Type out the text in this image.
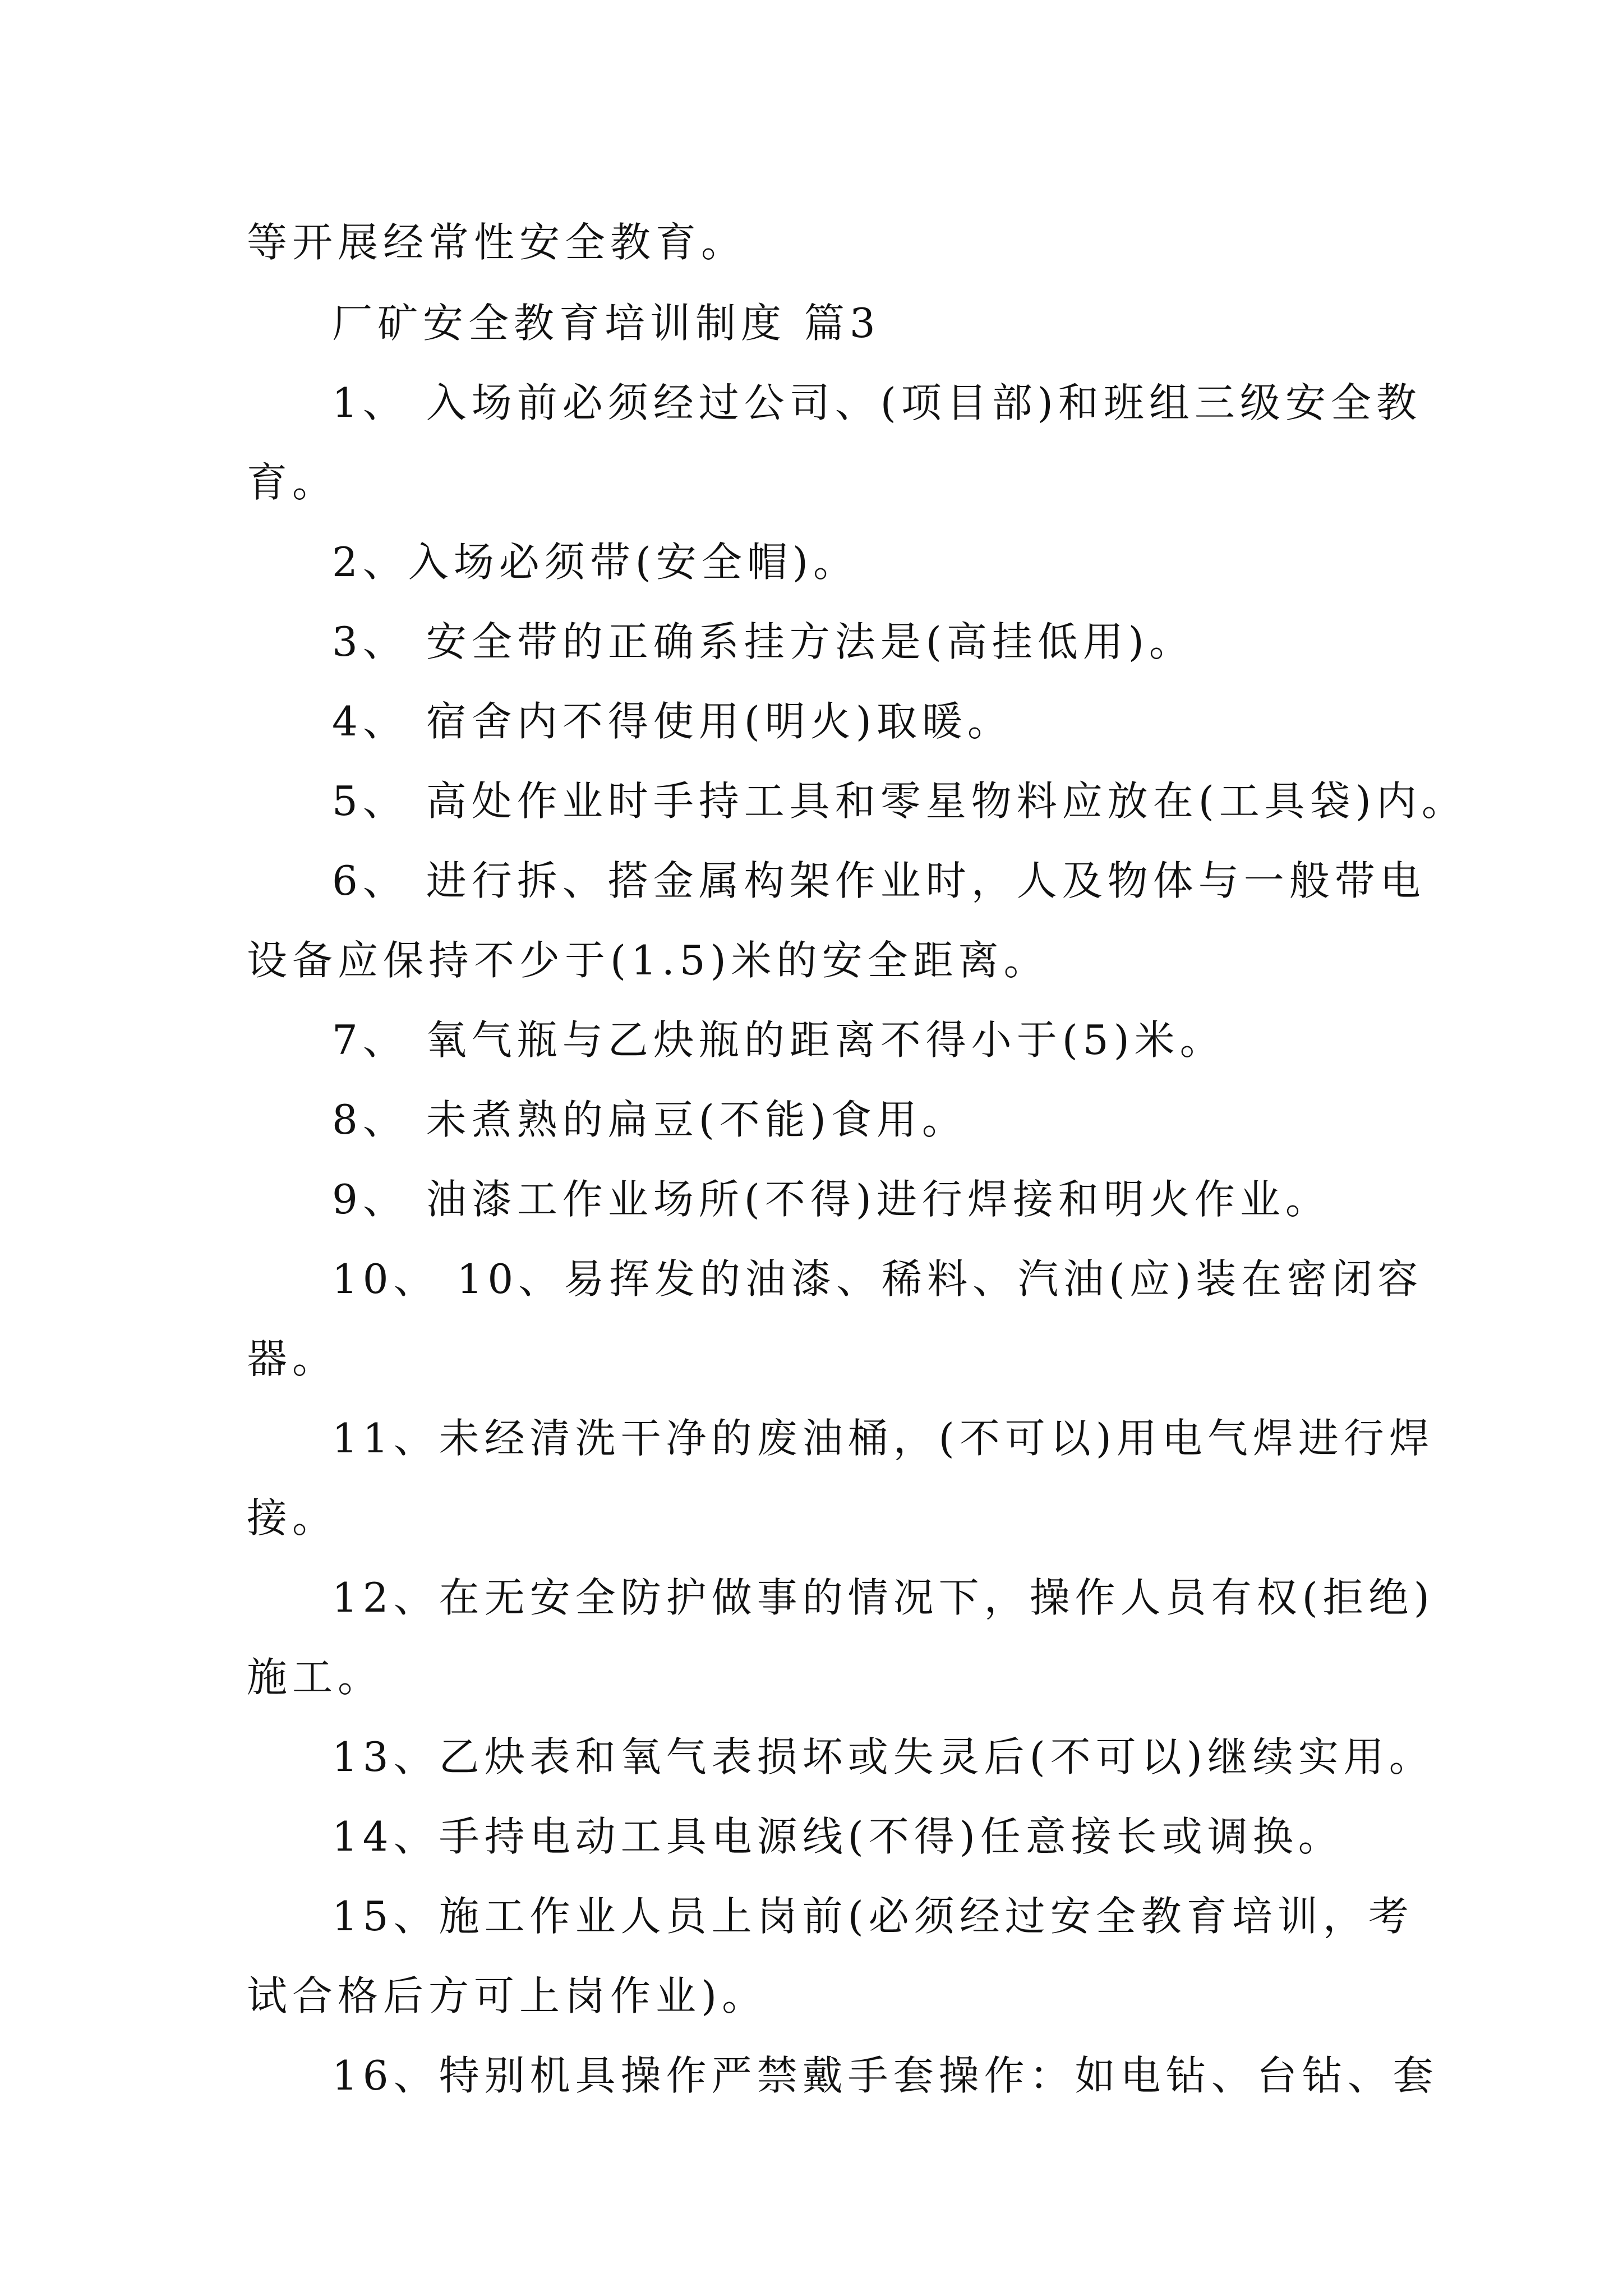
等开展经常性安全教育。
厂矿安全教育培训制度 篇3
1、 入场前必须经过公司、(项目部)和班组三级安全教
育。
2、入场必须带(安全帽)。
3、 安全带的正确系挂方法是(高挂低用)。
4、 宿舍内不得使用(明火)取暖。
5、 高处作业时手持工具和零星物料应放在(工具袋)内。
6、 进行拆、搭金属构架作业时，人及物体与一般带电
设备应保持不少于(1.5)米的安全距离。
7、 氧气瓶与乙炔瓶的距离不得小于(5)米。
8、 未煮熟的扁豆(不能)食用。
9、 油漆工作业场所(不得)进行焊接和明火作业。
10、 10、易挥发的油漆、稀料、汽油(应)装在密闭容
器。
11、未经清洗干净的废油桶，(不可以)用电气焊进行焊
接。
12、在无安全防护做事的情况下，操作人员有权(拒绝)
施工。
13、乙炔表和氧气表损坏或失灵后(不可以)继续实用。
14、手持电动工具电源线(不得)任意接长或调换。
15、施工作业人员上岗前(必须经过安全教育培训，考
试合格后方可上岗作业)。
16、特别机具操作严禁戴手套操作：如电钻、台钻、套
